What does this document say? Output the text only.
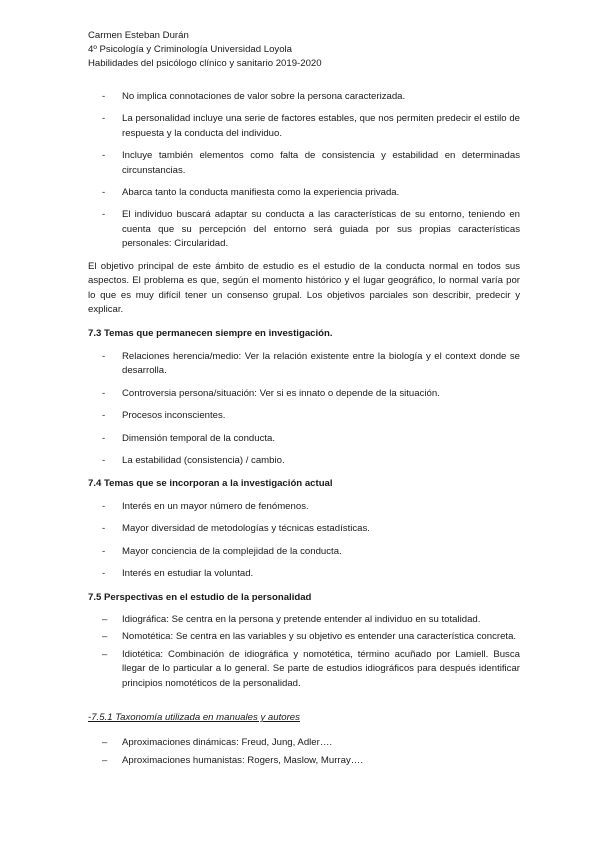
Carmen Esteban Durán
4º Psicología y Criminología Universidad Loyola
Habilidades del psicólogo clínico y sanitario 2019-2020
- No implica connotaciones de valor sobre la persona caracterizada.
- La personalidad incluye una serie de factores estables, que nos permiten predecir el estilo de respuesta y la conducta del individuo.
- Incluye también elementos como falta de consistencia y estabilidad en determinadas circunstancias.
- Abarca tanto la conducta manifiesta como la experiencia privada.
- El individuo buscará adaptar su conducta a las características de su entorno, teniendo en cuenta que su percepción del entorno será guiada por sus propias características personales: Circularidad.
El objetivo principal de este ámbito de estudio es el estudio de la conducta normal en todos sus aspectos. El problema es que, según el momento histórico y el lugar geográfico, lo normal varía por lo que es muy difícil tener un consenso grupal. Los objetivos parciales son describir, predecir y explicar.
7.3 Temas que permanecen siempre en investigación.
- Relaciones herencia/medio: Ver la relación existente entre la biología y el context donde se desarrolla.
- Controversia persona/situación: Ver si es innato o depende de la situación.
- Procesos inconscientes.
- Dimensión temporal de la conducta.
- La estabilidad (consistencia) / cambio.
7.4 Temas que se incorporan a la investigación actual
- Interés en un mayor número de fenómenos.
- Mayor diversidad de metodologías y técnicas estadísticas.
- Mayor conciencia de la complejidad de la conducta.
- Interés en estudiar la voluntad.
7.5 Perspectivas en el estudio de la personalidad
– Idiográfica: Se centra en la persona y pretende entender al individuo en su totalidad.
– Nomotética: Se centra en las variables y su objetivo es entender una característica concreta.
– Idiotética: Combinación de idiográfica y nomotética, término acuñado por Lamiell. Busca llegar de lo particular a lo general. Se parte de estudios idiográficos para después identificar principios nomotéticos de la personalidad.
-7.5.1 Taxonomía utilizada en manuales y autores
– Aproximaciones dinámicas: Freud, Jung, Adler….
– Aproximaciones humanistas: Rogers, Maslow, Murray….
